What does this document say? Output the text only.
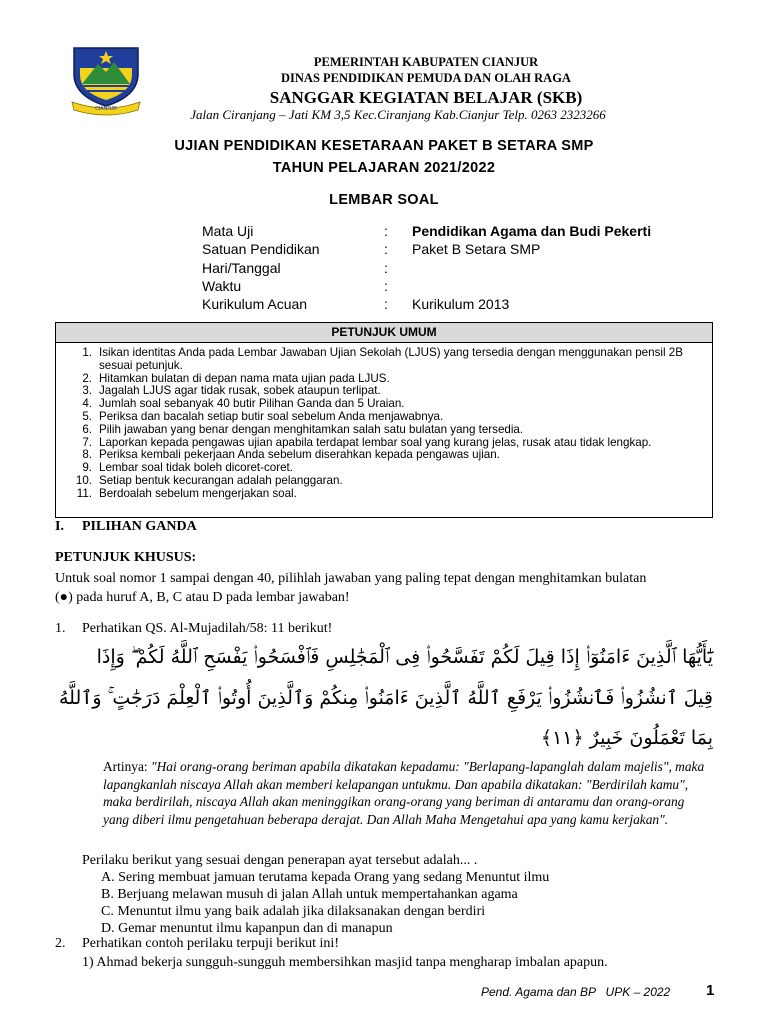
CIANJUR
PEMERINTAH KABUPATEN CIANJUR
DINAS PENDIDIKAN PEMUDA DAN OLAH RAGA
SANGGAR KEGIATAN BELAJAR (SKB)
Jalan Ciranjang – Jati KM 3,5 Kec.Ciranjang Kab.Cianjur Telp. 0263 2323266
UJIAN PENDIDIKAN KESETARAAN PAKET B SETARA SMP
TAHUN PELAJARAN 2021/2022
LEMBAR SOAL
Mata Uji	:	Pendidikan Agama dan Budi Pekerti
Satuan Pendidikan	:	Paket B Setara SMP
Hari/Tanggal	:
Waktu	:
Kurikulum Acuan	:	Kurikulum 2013
PETUNJUK UMUM
1. Isikan identitas Anda pada Lembar Jawaban Ujian Sekolah (LJUS) yang tersedia dengan menggunakan pensil 2B sesuai petunjuk.
2. Hitamkan bulatan di depan nama mata ujian pada LJUS.
3. Jagalah LJUS agar tidak rusak, sobek ataupun terlipat.
4. Jumlah soal sebanyak 40 butir Pilihan Ganda dan 5 Uraian.
5. Periksa dan bacalah setiap butir soal sebelum Anda menjawabnya.
6. Pilih jawaban yang benar dengan menghitamkan salah satu bulatan yang tersedia.
7. Laporkan kepada pengawas ujian apabila terdapat lembar soal yang kurang jelas, rusak atau tidak lengkap.
8. Periksa kembali pekerjaan Anda sebelum diserahkan kepada pengawas ujian.
9. Lembar soal tidak boleh dicoret-coret.
10. Setiap bentuk kecurangan adalah pelanggaran.
11. Berdoalah sebelum mengerjakan soal.
I. PILIHAN GANDA
PETUNJUK KHUSUS:
Untuk soal nomor 1 sampai dengan 40, pilihlah jawaban yang paling tepat dengan menghitamkan bulatan
(●) pada huruf A, B, C atau D pada lembar jawaban!
1. Perhatikan QS. Al-Mujadilah/58: 11 berikut!
يَٰٓأَيُّهَا ٱلَّذِينَ ءَامَنُوٓا۟ إِذَا قِيلَ لَكُمْ تَفَسَّحُوا۟ فِى ٱلْمَجَٰلِسِ فَٱفْسَحُوا۟ يَفْسَحِ ٱللَّهُ لَكُمْ ۖ وَإِذَا
قِيلَ ٱنشُزُوا۟ فَٱنشُزُوا۟ يَرْفَعِ ٱللَّهُ ٱلَّذِينَ ءَامَنُوا۟ مِنكُمْ وَٱلَّذِينَ أُوتُوا۟ ٱلْعِلْمَ دَرَجَٰتٍ ۚ وَٱللَّهُ
بِمَا تَعْمَلُونَ خَبِيرٌ ﴿١١﴾
Artinya: "Hai orang-orang beriman apabila dikatakan kepadamu: "Berlapang-lapanglah dalam majelis", maka lapangkanlah niscaya Allah akan memberi kelapangan untukmu. Dan apabila dikatakan: "Berdirilah kamu", maka berdirilah, niscaya Allah akan meninggikan orang-orang yang beriman di antaramu dan orang-orang yang diberi ilmu pengetahuan beberapa derajat. Dan Allah Maha Mengetahui apa yang kamu kerjakan".
Perilaku berikut yang sesuai dengan penerapan ayat tersebut adalah... .
A. Sering membuat jamuan terutama kepada Orang yang sedang Menuntut ilmu
B. Berjuang melawan musuh di jalan Allah untuk mempertahankan agama
C. Menuntut ilmu yang baik adalah jika dilaksanakan dengan berdiri
D. Gemar menuntut ilmu kapanpun dan di manapun
2. Perhatikan contoh perilaku terpuji berikut ini!
1) Ahmad bekerja sungguh-sungguh membersihkan masjid tanpa mengharap imbalan apapun.
Pend. Agama dan BP   UPK – 2022 1
